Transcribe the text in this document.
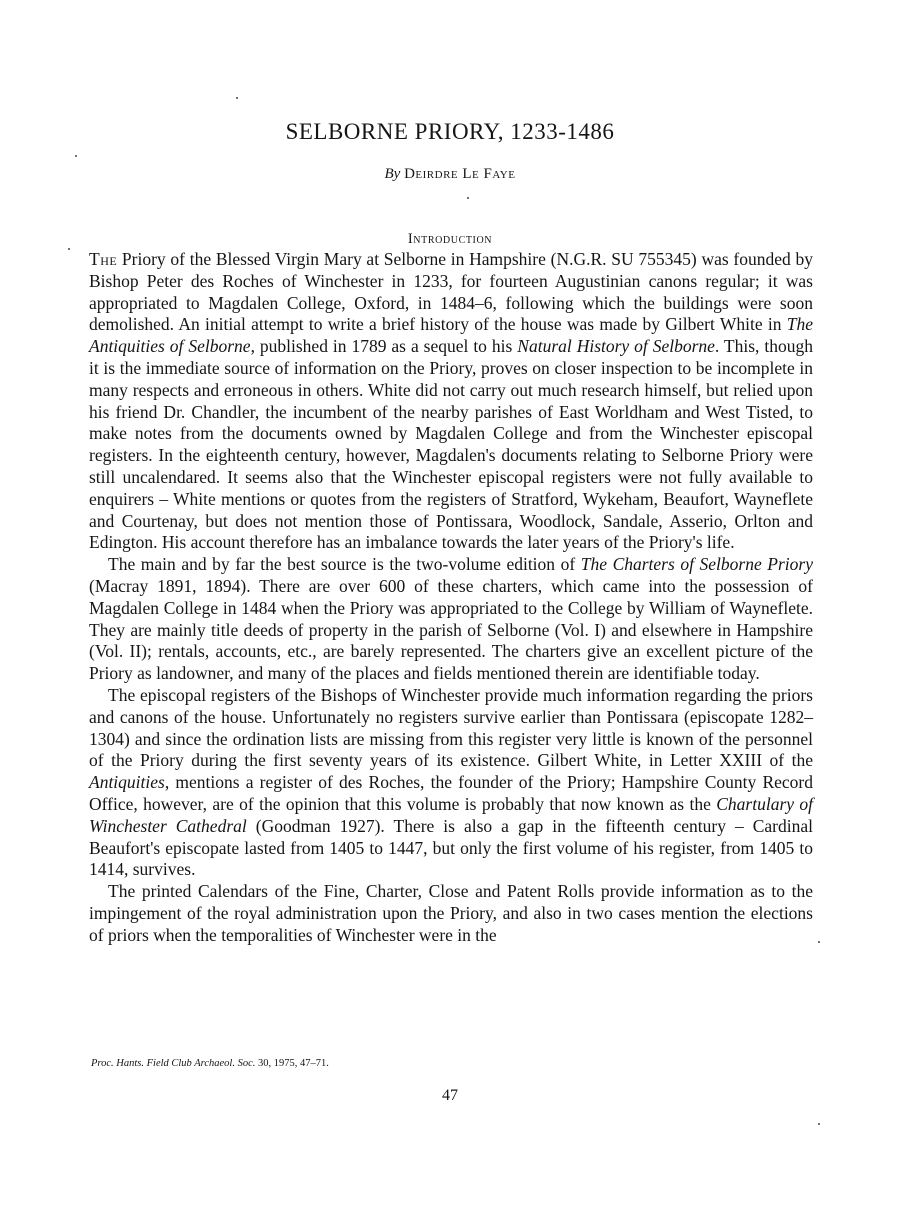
SELBORNE PRIORY, 1233-1486

By Deirdre Le Faye

Introduction

The Priory of the Blessed Virgin Mary at Selborne in Hampshire (N.G.R. SU 755345) was founded by Bishop Peter des Roches of Winchester in 1233, for fourteen Augustinian canons regular; it was appropriated to Magdalen College, Oxford, in 1484–6, following which the buildings were soon demolished. An initial attempt to write a brief history of the house was made by Gilbert White in The Antiquities of Selborne, published in 1789 as a sequel to his Natural History of Selborne. This, though it is the immediate source of information on the Priory, proves on closer inspection to be incomplete in many respects and erroneous in others. White did not carry out much research himself, but relied upon his friend Dr. Chandler, the incumbent of the nearby parishes of East Worldham and West Tisted, to make notes from the documents owned by Magdalen College and from the Winchester episcopal registers. In the eighteenth century, however, Magdalen's documents relating to Selborne Priory were still uncalendared. It seems also that the Winchester episcopal registers were not fully available to enquirers – White mentions or quotes from the registers of Stratford, Wykeham, Beaufort, Wayneflete and Courtenay, but does not mention those of Pontissara, Woodlock, Sandale, Asserio, Orlton and Edington. His account therefore has an imbalance towards the later years of the Priory's life.

The main and by far the best source is the two-volume edition of The Charters of Selborne Priory (Macray 1891, 1894). There are over 600 of these charters, which came into the possession of Magdalen College in 1484 when the Priory was appropriated to the College by William of Wayneflete. They are mainly title deeds of property in the parish of Selborne (Vol. I) and elsewhere in Hampshire (Vol. II); rentals, accounts, etc., are barely represented. The charters give an excellent picture of the Priory as landowner, and many of the places and fields mentioned therein are identifiable today.

The episcopal registers of the Bishops of Winchester provide much information regarding the priors and canons of the house. Unfortunately no registers survive earlier than Pontissara (episcopate 1282–1304) and since the ordination lists are missing from this register very little is known of the personnel of the Priory during the first seventy years of its existence. Gilbert White, in Letter XXIII of the Antiquities, mentions a register of des Roches, the founder of the Priory; Hampshire County Record Office, however, are of the opinion that this volume is probably that now known as the Chartulary of Winchester Cathedral (Goodman 1927). There is also a gap in the fifteenth century – Cardinal Beaufort's episcopate lasted from 1405 to 1447, but only the first volume of his register, from 1405 to 1414, survives.

The printed Calendars of the Fine, Charter, Close and Patent Rolls provide information as to the impingement of the royal administration upon the Priory, and also in two cases mention the elections of priors when the temporalities of Winchester were in the

Proc. Hants. Field Club Archaeol. Soc. 30, 1975, 47–71.

47
